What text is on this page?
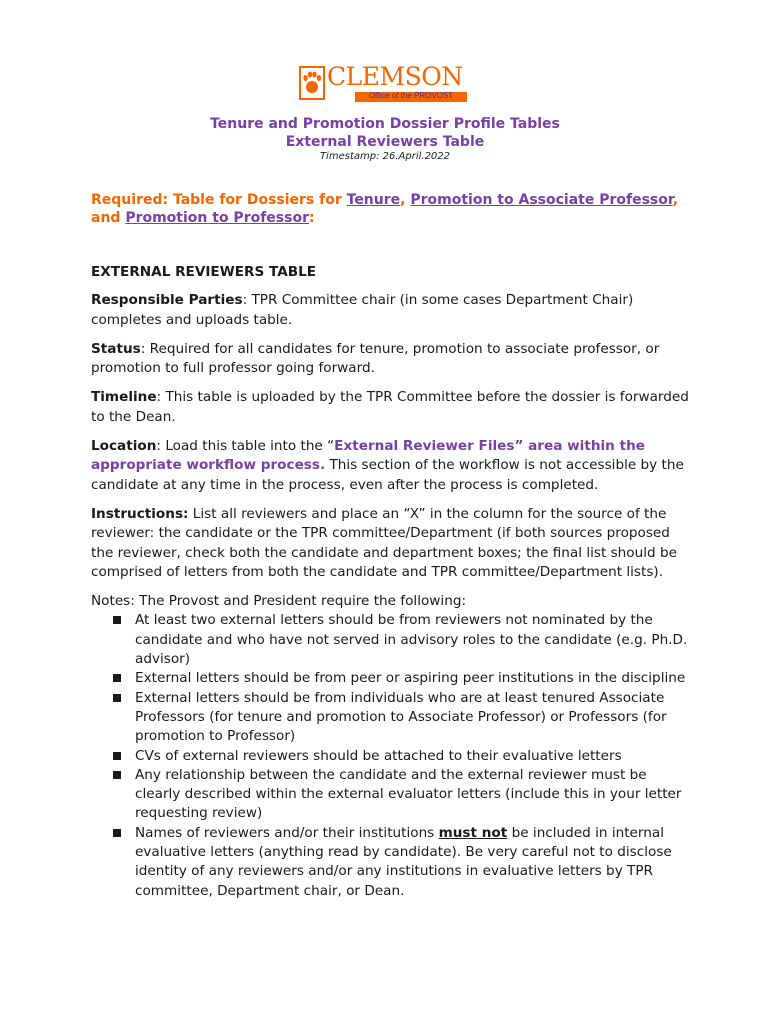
CLEMSON
Office of the PROVOST
Tenure and Promotion Dossier Profile Tables
External Reviewers Table
Timestamp: 26.April.2022
Required: Table for Dossiers for Tenure, Promotion to Associate Professor, and Promotion to Professor:

EXTERNAL REVIEWERS TABLE

Responsible Parties: TPR Committee chair (in some cases Department Chair) completes and uploads table.

Status: Required for all candidates for tenure, promotion to associate professor, or promotion to full professor going forward.

Timeline: This table is uploaded by the TPR Committee before the dossier is forwarded to the Dean.

Location: Load this table into the “External Reviewer Files” area within the appropriate workflow process. This section of the workflow is not accessible by the candidate at any time in the process, even after the process is completed.

Instructions: List all reviewers and place an “X” in the column for the source of the reviewer: the candidate or the TPR committee/Department (if both sources proposed the reviewer, check both the candidate and department boxes; the final list should be comprised of letters from both the candidate and TPR committee/Department lists).

Notes: The Provost and President require the following:

At least two external letters should be from reviewers not nominated by the candidate and who have not served in advisory roles to the candidate (e.g. Ph.D. advisor)
External letters should be from peer or aspiring peer institutions in the discipline
External letters should be from individuals who are at least tenured Associate Professors (for tenure and promotion to Associate Professor) or Professors (for promotion to Professor)
CVs of external reviewers should be attached to their evaluative letters
Any relationship between the candidate and the external reviewer must be clearly described within the external evaluator letters (include this in your letter requesting review)
Names of reviewers and/or their institutions must not be included in internal evaluative letters (anything read by candidate). Be very careful not to disclose identity of any reviewers and/or any institutions in evaluative letters by TPR committee, Department chair, or Dean.
